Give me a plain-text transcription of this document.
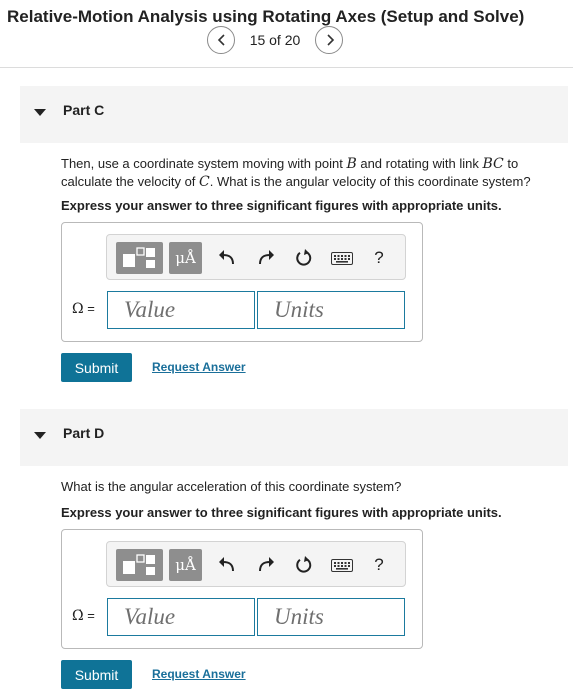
Relative-Motion Analysis using Rotating Axes (Setup and Solve)
15 of 20
Part C
Then, use a coordinate system moving with point B and rotating with link BC to calculate the velocity of C. What is the angular velocity of this coordinate system?
Express your answer to three significant figures with appropriate units.
μÅ	?
Ω =
Value
Units
Submit	Request Answer
Part D
What is the angular acceleration of this coordinate system?
Express your answer to three significant figures with appropriate units.
μÅ	?
Ω̇ =
Value
Units
Submit	Request Answer
